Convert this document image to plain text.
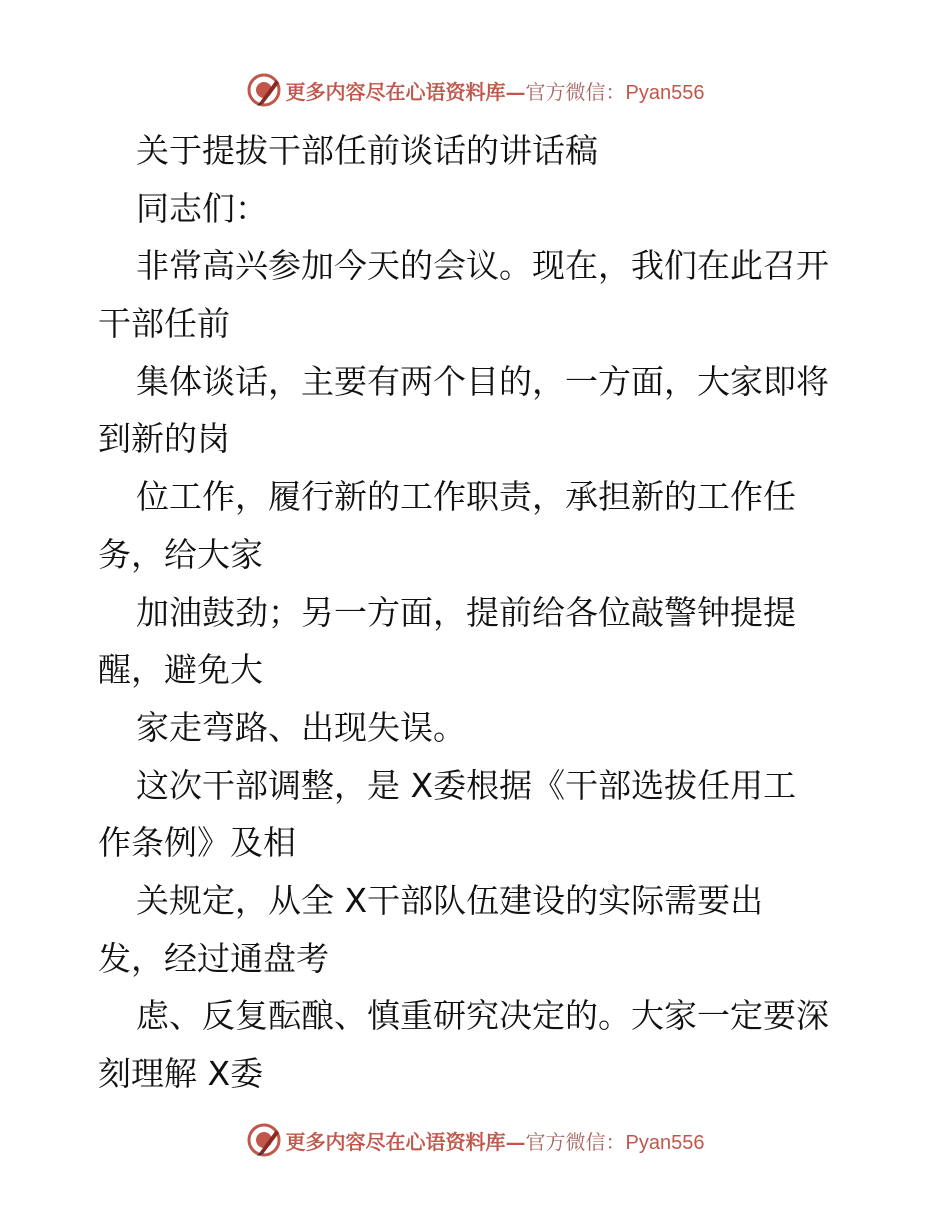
更多内容尽在心语资料库—官方微信：Pyan556
关于提拔干部任前谈话的讲话稿
同志们：
非常高兴参加今天的会议。现在，我们在此召开
干部任前
集体谈话，主要有两个目的，一方面，大家即将
到新的岗
位工作，履行新的工作职责，承担新的工作任
务，给大家
加油鼓劲；另一方面，提前给各位敲警钟提提
醒，避免大
家走弯路、出现失误。
这次干部调整，是 X委根据《干部选拔任用工
作条例》及相
关规定，从全 X干部队伍建设的实际需要出
发，经过通盘考
虑、反复酝酿、慎重研究决定的。大家一定要深
刻理解 X委
更多内容尽在心语资料库—官方微信：Pyan556
